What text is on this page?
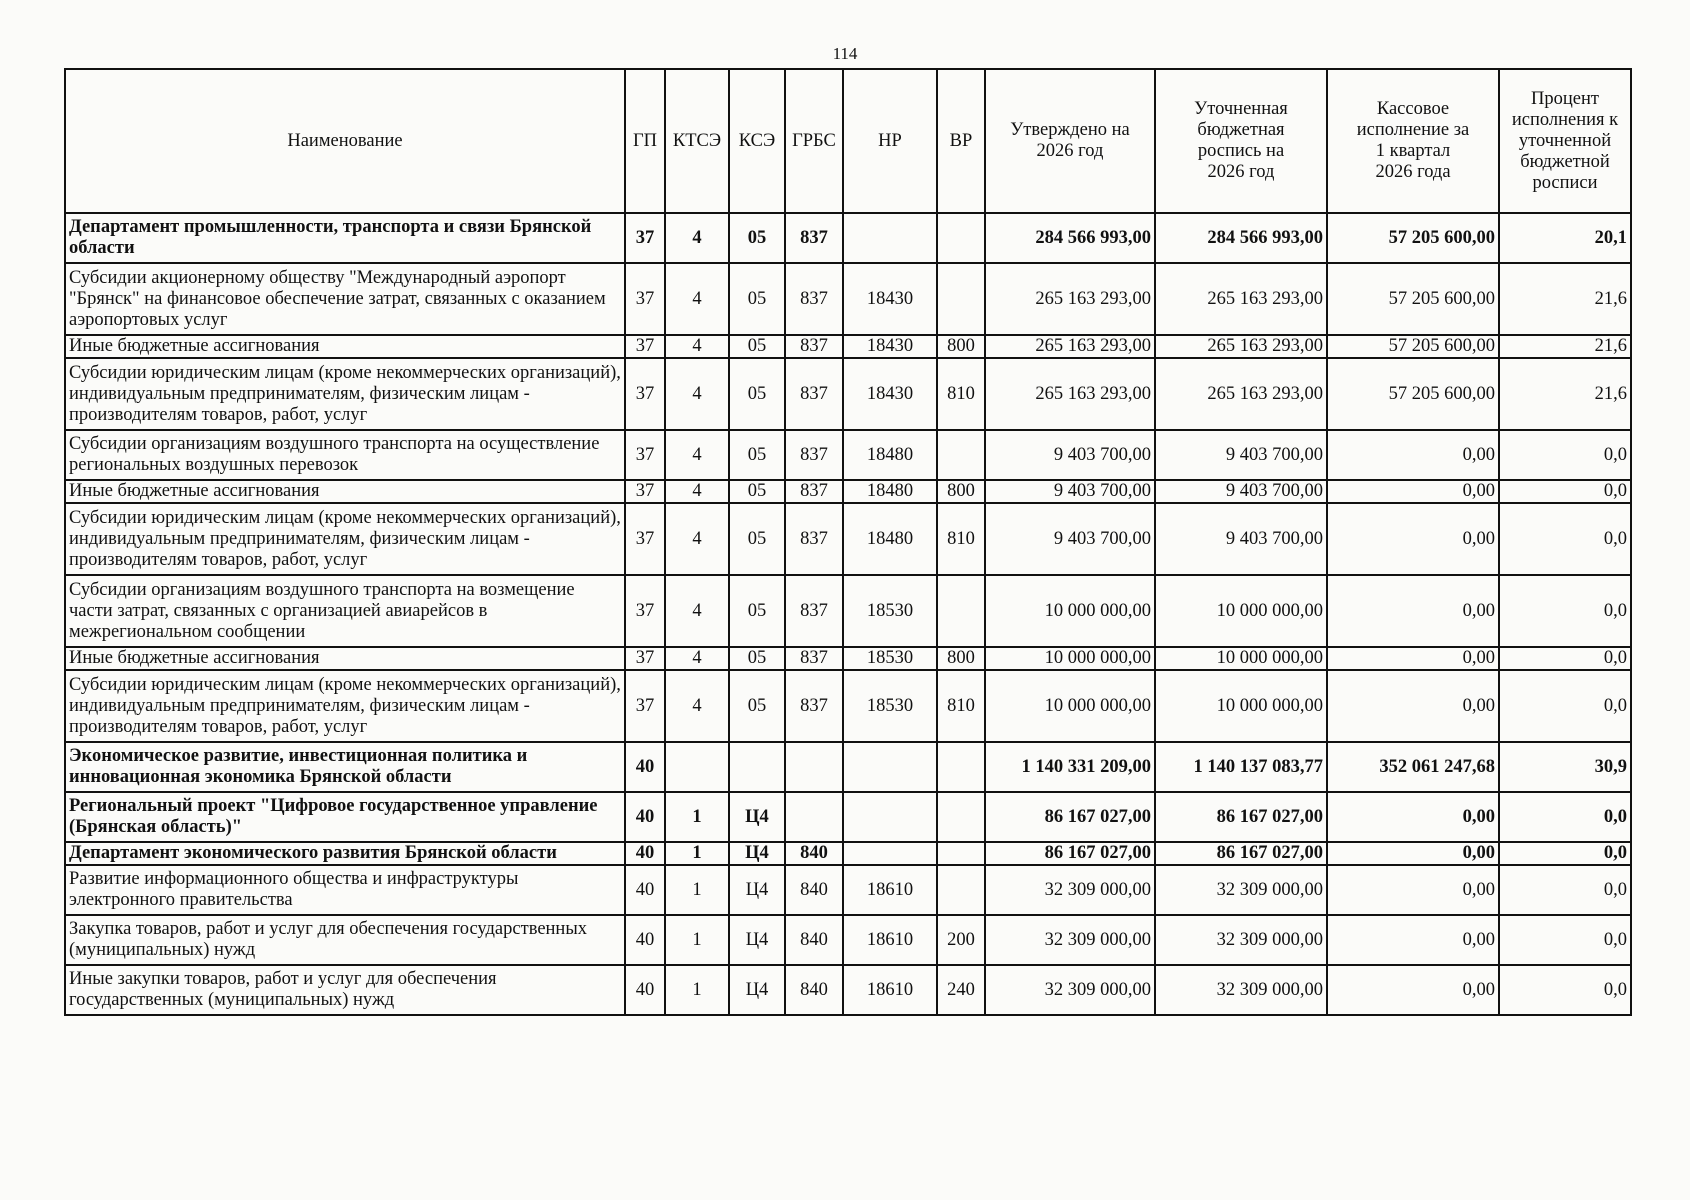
114
Наименование	ГП	КТСЭ	КСЭ	ГРБС	НР	ВР	Утверждено на 2026 год	Уточненная бюджетная роспись на 2026 год	Кассовое исполнение за 1 квартал 2026 года	Процент исполнения к уточненной бюджетной росписи
Департамент промышленности, транспорта и связи Брянской области	37	4	05	837			284 566 993,00	284 566 993,00	57 205 600,00	20,1
Субсидии акционерному обществу "Международный аэропорт "Брянск" на финансовое обеспечение затрат, связанных с оказанием аэропортовых услуг	37	4	05	837	18430		265 163 293,00	265 163 293,00	57 205 600,00	21,6
Иные бюджетные ассигнования	37	4	05	837	18430	800	265 163 293,00	265 163 293,00	57 205 600,00	21,6
Субсидии юридическим лицам (кроме некоммерческих организаций), индивидуальным предпринимателям, физическим лицам - производителям товаров, работ, услуг	37	4	05	837	18430	810	265 163 293,00	265 163 293,00	57 205 600,00	21,6
Субсидии организациям воздушного транспорта на осуществление региональных воздушных перевозок	37	4	05	837	18480		9 403 700,00	9 403 700,00	0,00	0,0
Иные бюджетные ассигнования	37	4	05	837	18480	800	9 403 700,00	9 403 700,00	0,00	0,0
Субсидии юридическим лицам (кроме некоммерческих организаций), индивидуальным предпринимателям, физическим лицам - производителям товаров, работ, услуг	37	4	05	837	18480	810	9 403 700,00	9 403 700,00	0,00	0,0
Субсидии организациям воздушного транспорта на возмещение части затрат, связанных с организацией авиарейсов в межрегиональном сообщении	37	4	05	837	18530		10 000 000,00	10 000 000,00	0,00	0,0
Иные бюджетные ассигнования	37	4	05	837	18530	800	10 000 000,00	10 000 000,00	0,00	0,0
Субсидии юридическим лицам (кроме некоммерческих организаций), индивидуальным предпринимателям, физическим лицам - производителям товаров, работ, услуг	37	4	05	837	18530	810	10 000 000,00	10 000 000,00	0,00	0,0
Экономическое развитие, инвестиционная политика и инновационная экономика Брянской области	40						1 140 331 209,00	1 140 137 083,77	352 061 247,68	30,9
Региональный проект "Цифровое государственное управление (Брянская область)"	40	1	Ц4				86 167 027,00	86 167 027,00	0,00	0,0
Департамент экономического развития Брянской области	40	1	Ц4	840			86 167 027,00	86 167 027,00	0,00	0,0
Развитие информационного общества и инфраструктуры электронного правительства	40	1	Ц4	840	18610		32 309 000,00	32 309 000,00	0,00	0,0
Закупка товаров, работ и услуг для обеспечения государственных (муниципальных) нужд	40	1	Ц4	840	18610	200	32 309 000,00	32 309 000,00	0,00	0,0
Иные закупки товаров, работ и услуг для обеспечения государственных (муниципальных) нужд	40	1	Ц4	840	18610	240	32 309 000,00	32 309 000,00	0,00	0,0
